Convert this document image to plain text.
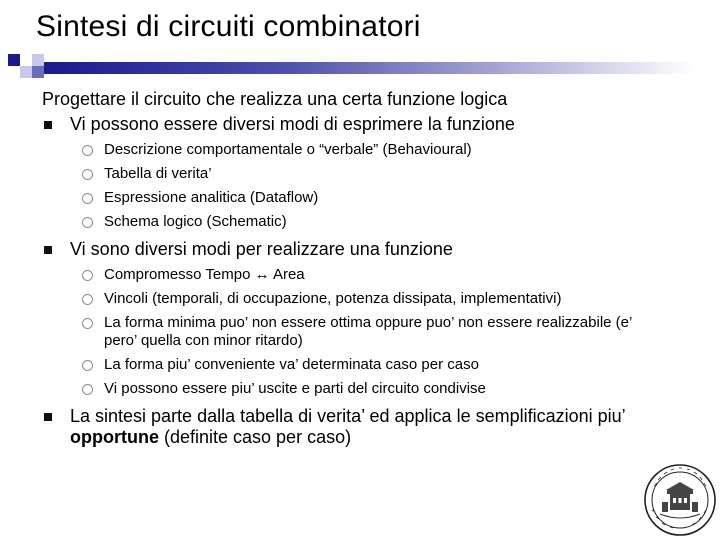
Sintesi di circuiti combinatori

Progettare il circuito che realizza una certa funzione logica

Vi possono essere diversi modi di esprimere la funzione

Descrizione comportamentale o “verbale” (Behavioural)

Tabella di verita’

Espressione analitica (Dataflow)

Schema logico (Schematic)

Vi sono diversi modi per realizzare una funzione

Compromesso Tempo ↔ Area

Vincoli (temporali, di occupazione, potenza dissipata, implementativi)

La forma minima puo’ non essere ottima oppure puo’ non essere realizzabile (e’ pero’ quella con minor ritardo)

La forma piu’ conveniente va’ determinata caso per caso

Vi possono essere piu’ uscite e parti del circuito condivise

La sintesi parte dalla tabella di verita’ ed applica le semplificazioni piu’ opportune (definite caso per caso)
